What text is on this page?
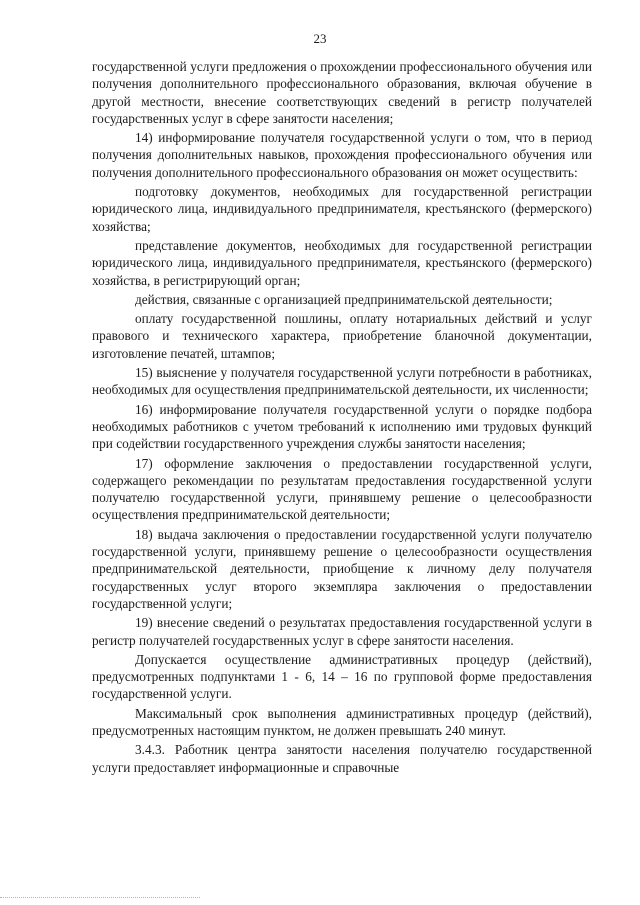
23

государственной услуги предложения о прохождении профессионального обучения или получения дополнительного профессионального образования, включая обучение в другой местности, внесение соответствующих сведений в регистр получателей государственных услуг в сфере занятости населения;

14) информирование получателя государственной услуги о том, что в период получения дополнительных навыков, прохождения профессионального обучения или получения дополнительного профессионального образования он может осуществить:

подготовку документов, необходимых для государственной регистрации юридического лица, индивидуального предпринимателя, крестьянского (фермерского) хозяйства;

представление документов, необходимых для государственной регистрации юридического лица, индивидуального предпринимателя, крестьянского (фермерского) хозяйства, в регистрирующий орган;

действия, связанные с организацией предпринимательской деятельности;

оплату государственной пошлины, оплату нотариальных действий и услуг правового и технического характера, приобретение бланочной документации, изготовление печатей, штампов;

15) выяснение у получателя государственной услуги потребности в работниках, необходимых для осуществления предпринимательской деятельности, их численности;

16) информирование получателя государственной услуги о порядке подбора необходимых работников с учетом требований к исполнению ими трудовых функций при содействии государственного учреждения службы занятости населения;

17) оформление заключения о предоставлении государственной услуги, содержащего рекомендации по результатам предоставления государственной услуги получателю государственной услуги, принявшему решение о целесообразности осуществления предпринимательской деятельности;

18) выдача заключения о предоставлении государственной услуги получателю государственной услуги, принявшему решение о целесообразности осуществления предпринимательской деятельности, приобщение к личному делу получателя государственных услуг второго экземпляра заключения о предоставлении государственной услуги;

19) внесение сведений о результатах предоставления государственной услуги в регистр получателей государственных услуг в сфере занятости населения.

Допускается осуществление административных процедур (действий), предусмотренных подпунктами 1 - 6, 14 – 16 по групповой форме предоставления государственной услуги.

Максимальный срок выполнения административных процедур (действий), предусмотренных настоящим пунктом, не должен превышать 240 минут.

3.4.3. Работник центра занятости населения получателю государственной услуги предоставляет информационные и справочные
